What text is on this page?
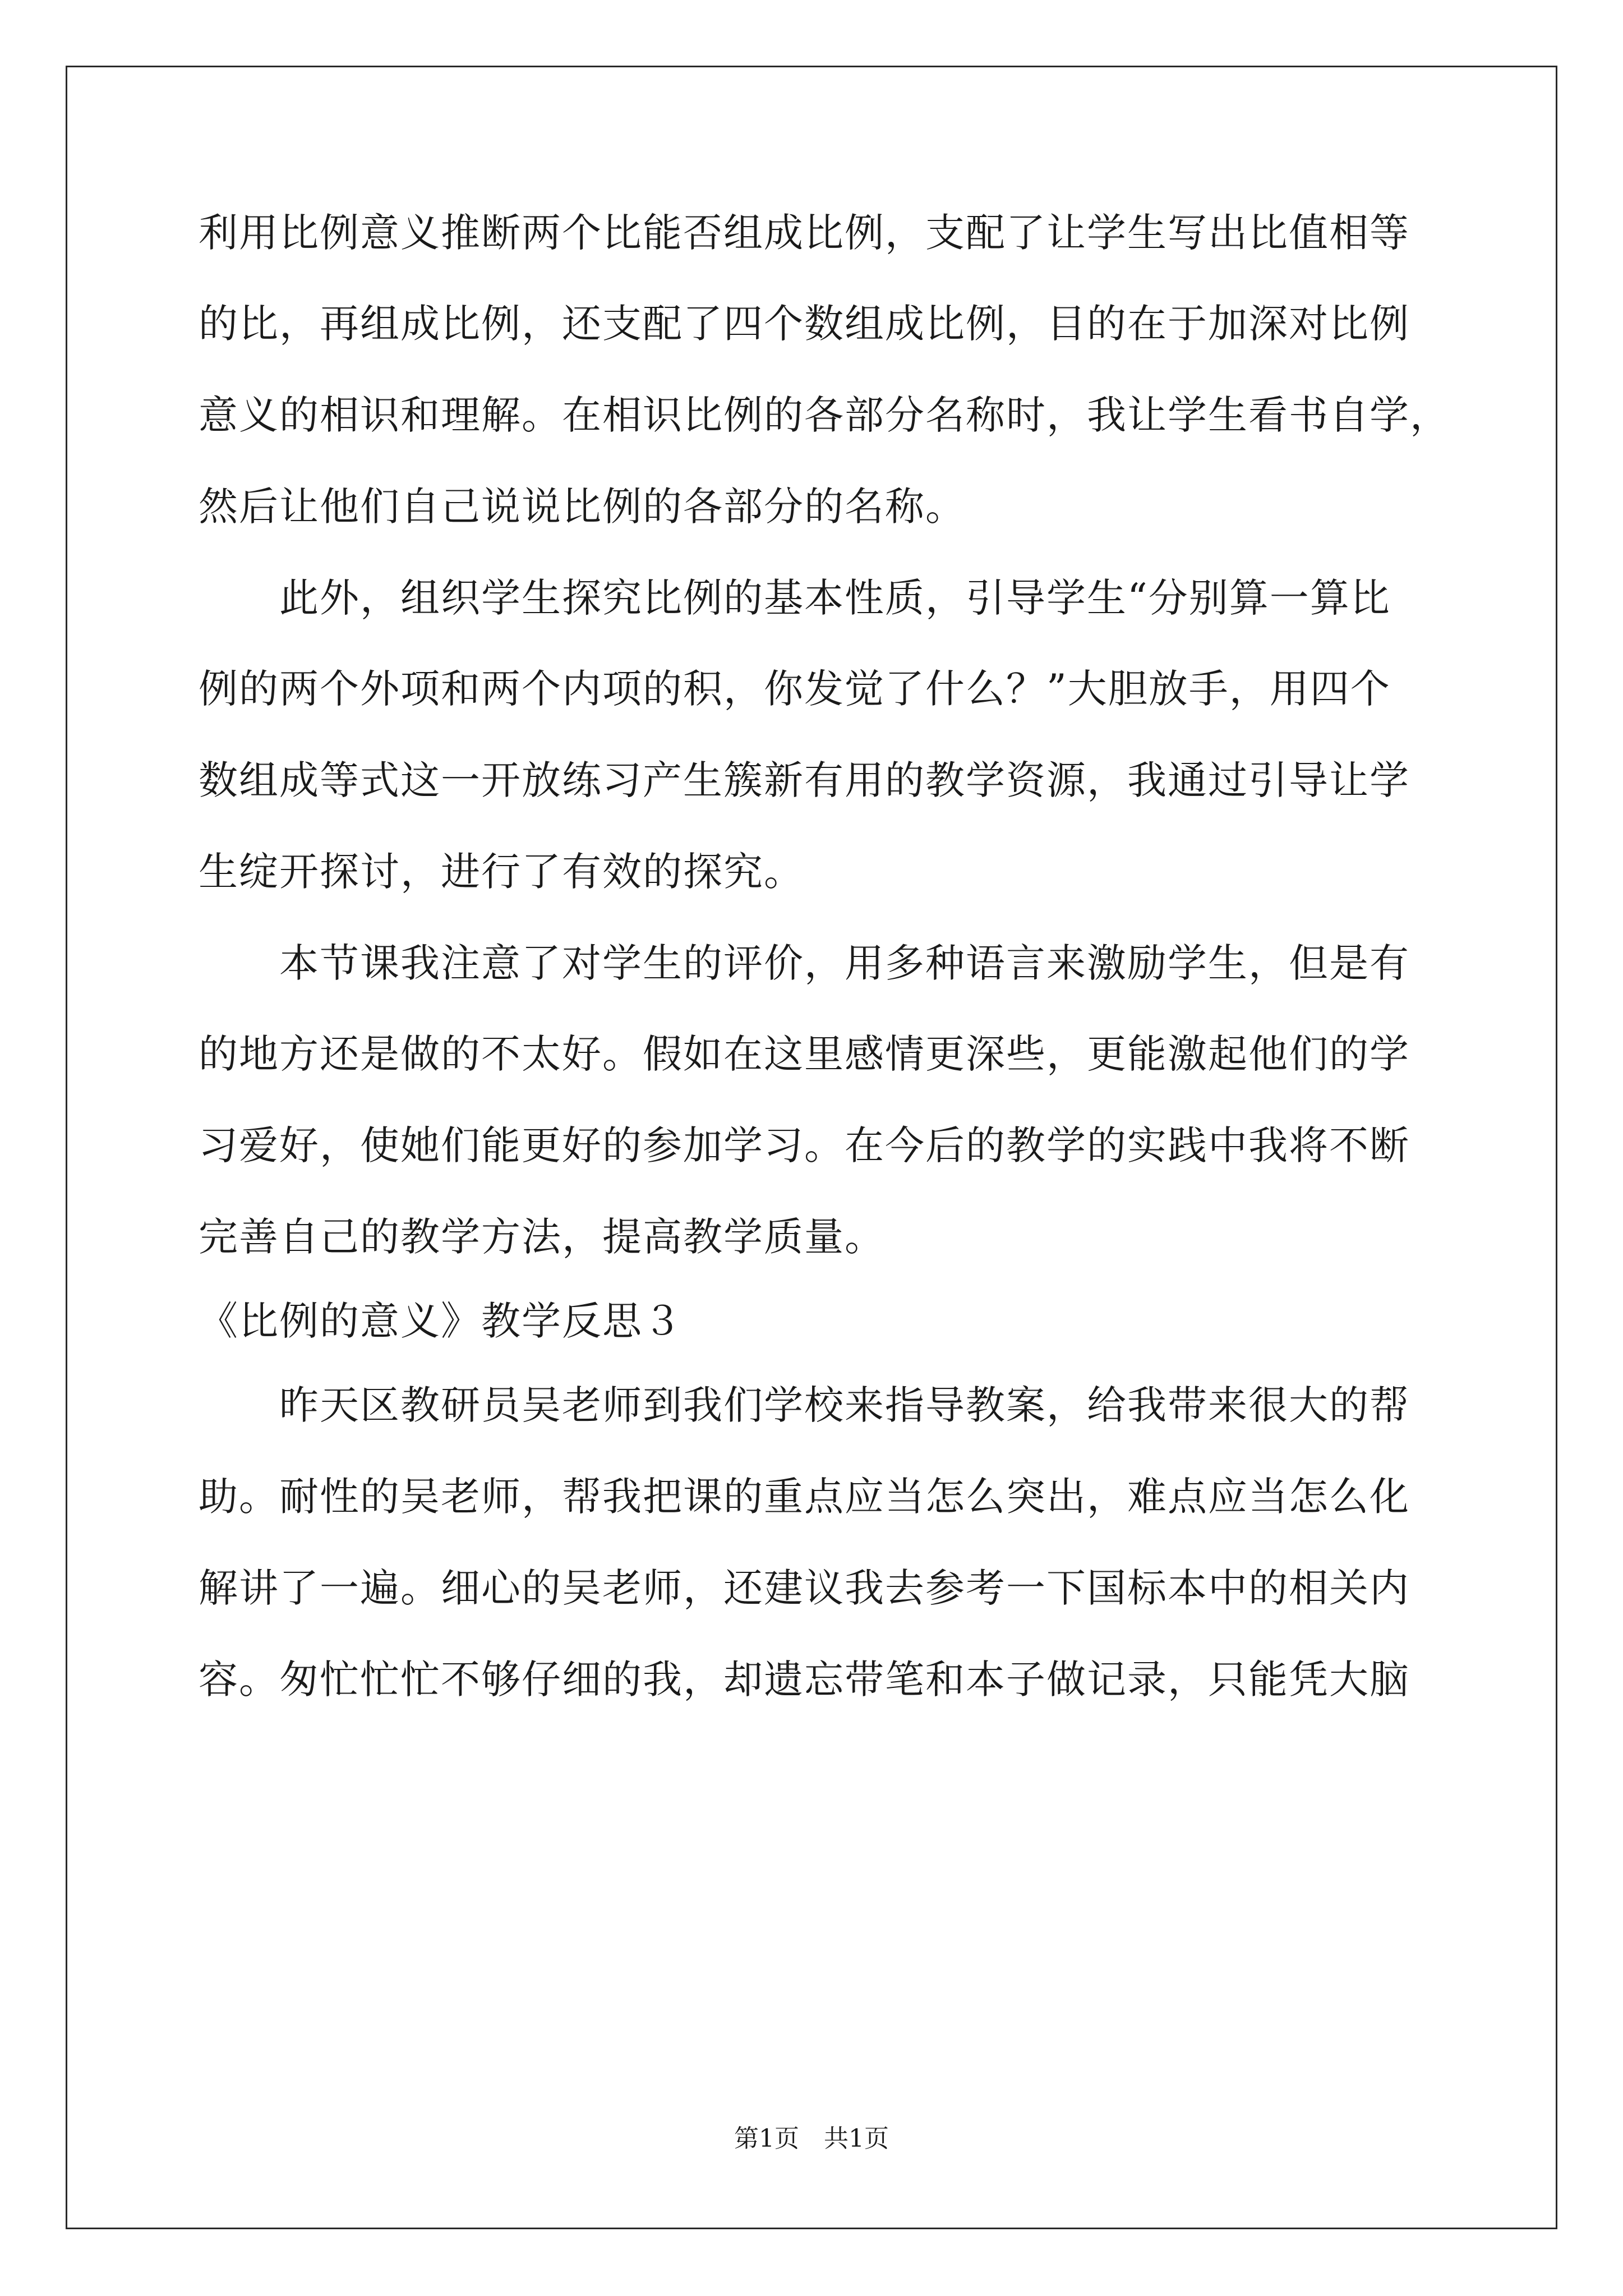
利用比例意义推断两个比能否组成比例，支配了让学生写出比值相等
的比，再组成比例，还支配了四个数组成比例，目的在于加深对比例
意义的相识和理解。在相识比例的各部分名称时，我让学生看书自学，
然后让他们自己说说比例的各部分的名称。
　　此外，组织学生探究比例的基本性质，引导学生“分别算一算比
例的两个外项和两个内项的积，你发觉了什么？”大胆放手，用四个
数组成等式这一开放练习产生簇新有用的教学资源，我通过引导让学
生绽开探讨，进行了有效的探究。
　　本节课我注意了对学生的评价，用多种语言来激励学生，但是有
的地方还是做的不太好。假如在这里感情更深些，更能激起他们的学
习爱好，使她们能更好的参加学习。在今后的教学的实践中我将不断
完善自己的教学方法，提高教学质量。
《比例的意义》教学反思３
　　昨天区教研员吴老师到我们学校来指导教案，给我带来很大的帮
助。耐性的吴老师，帮我把课的重点应当怎么突出，难点应当怎么化
解讲了一遍。细心的吴老师，还建议我去参考一下国标本中的相关内
容。匆忙忙忙不够仔细的我，却遗忘带笔和本子做记录，只能凭大脑
第1页　共1页
